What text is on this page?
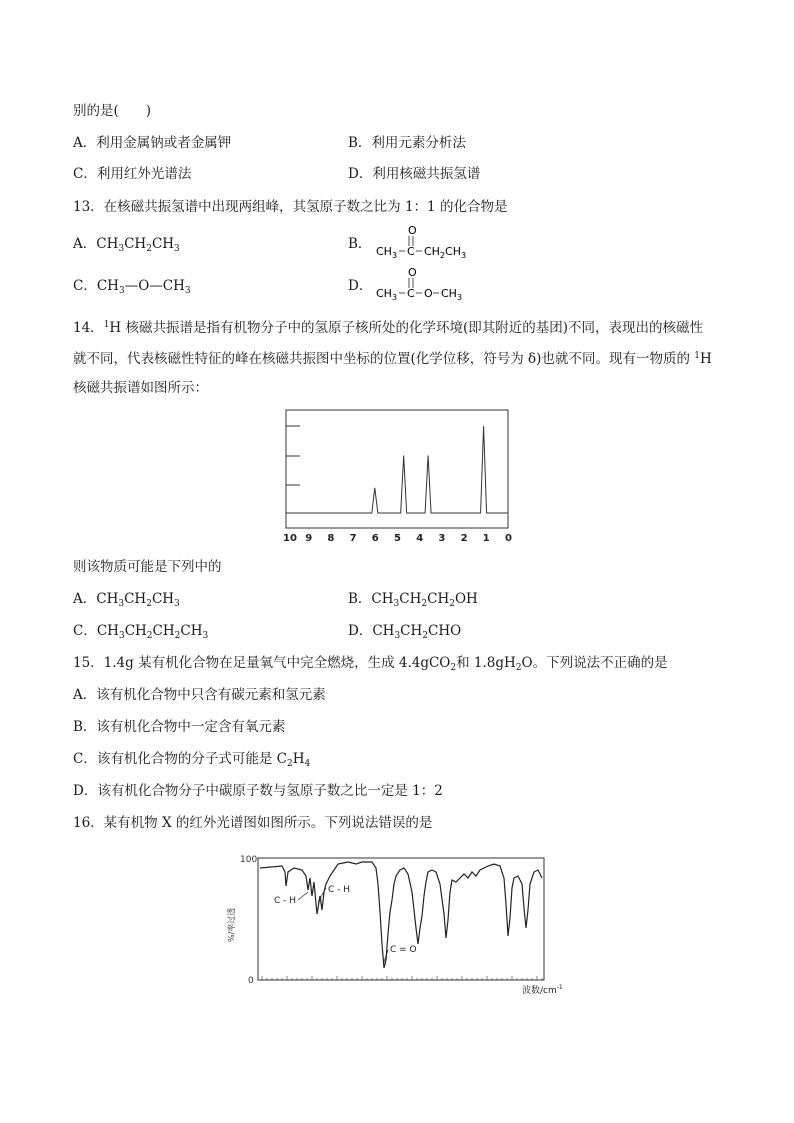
别的是(　　)
A．利用金属钠或者金属钾	B．利用元素分析法
C．利用红外光谱法	D．利用核磁共振氢谱
13．在核磁共振氢谱中出现两组峰，其氢原子数之比为 1：1 的化合物是
A．$CH_3CH_2CH_3$	B．
O
$CH_3$ C $CH_2CH_3$
C．$CH_3—O—CH_3$	D．
O
$CH_3$ C O $CH_3$
14．$^1$H 核磁共振谱是指有机物分子中的氢原子核所处的化学环境(即其附近的基团)不同，表现出的核磁性
就不同，代表核磁性特征的峰在核磁共振图中坐标的位置(化学位移，符号为 δ)也就不同。现有一物质的 $^1$H
核磁共振谱如图所示：
10 9 8 7 6 5 4 3 2 1 0
则该物质可能是下列中的
A．$CH_3CH_2CH_3$	B．$CH_3CH_2CH_2OH$
C．$CH_3CH_2CH_2CH_3$	D．$CH_3CH_2CHO$
15．1.4g 某有机化合物在足量氧气中完全燃烧，生成 4.4gCO$_2$和 $1.8gH_2O$。下列说法不正确的是
A．该有机化合物中只含有碳元素和氢元素
B．该有机化合物中一定含有氧元素
C．该有机化合物的分子式可能是 $C_2H_4$
D．该有机化合物分子中碳原子数与氢原子数之比一定是 1：2
16．某有机物 X 的红外光谱图如图所示。下列说法错误的是
100
0
%/率过透
C - H
C - H
C = O
波数$/cm^{-1}$
